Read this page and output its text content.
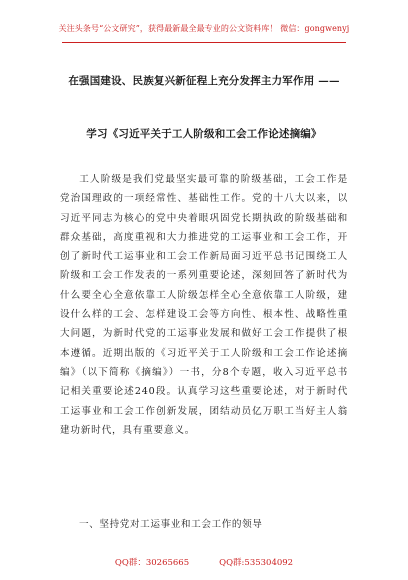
关注头条号“公文研究”，获得最新最全最专业的公文资料库！ 微信：gongwenyj
在强国建设、民族复兴新征程上充分发挥主力军作用 ——
学习《习近平关于工人阶级和工会工作论述摘编》

工人阶级是我们党最坚实最可靠的阶级基础，工会工作是党治国理政的一项经常性、基础性工作。党的十八大以来，以习近平同志为核心的党中央着眼巩固党长期执政的阶级基础和群众基础，高度重视和大力推进党的工运事业和工会工作，开创了新时代工运事业和工会工作新局面习近平总书记围绕工人阶级和工会工作发表的一系列重要论述，深刻回答了新时代为什么要全心全意依靠工人阶级怎样全心全意依靠工人阶级，建设什么样的工会、怎样建设工会等方向性、根本性、战略性重大问题，为新时代党的工运事业发展和做好工会工作提供了根本遵循。近期出版的《习近平关于工人阶级和工会工作论述摘编》（以下简称《摘编》）一书，分8个专题，收入习近平总书记相关重要论述240段。认真学习这些重要论述，对于新时代工运事业和工会工作创新发展，团结动员亿万职工当好主人翁建功新时代，具有重要意义。

一、坚持党对工运事业和工会工作的领导
QQ群：30265665	QQ群:535304092
